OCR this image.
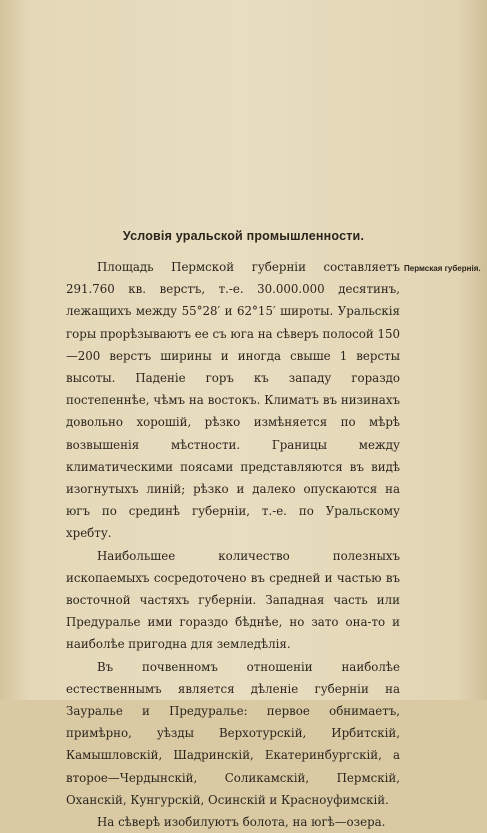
Условія уральской промышленности.
Пермская губернія.

Площадь Пермской губерніи составляетъ 291.760 кв. верстъ, т.-е. 30.000.000 десятинъ, лежащихъ между 55°28′ и 62°15′ широты. Уральскія горы прорѣзываютъ ее съ юга на сѣверъ полосой 150—200 верстъ ширины и иногда свыше 1 версты высоты. Паденіе горъ къ западу гораздо постепеннѣе, чѣмъ на востокъ. Климатъ въ низинахъ довольно хорошій, рѣзко измѣняется по мѣрѣ возвышенія мѣстности. Границы между климатическими поясами представляются въ видѣ изогнутыхъ линій; рѣзко и далеко опускаются на югъ по срединѣ губерніи, т.-е. по Уральскому хребту.

Наибольшее количество полезныхъ ископаемыхъ сосредоточено въ средней и частью въ восточной частяхъ губерніи. Западная часть или Предуралье ими гораздо бѣднѣе, но зато она-то и наиболѣе пригодна для земледѣлія.

Въ почвенномъ отношеніи наиболѣе естественнымъ является дѣленіе губерніи на Зауралье и Предуралье: первое обнимаетъ, примѣрно, уѣзды Верхотурскій, Ирбитскій, Камышловскій, Шадринскій, Екатеринбургскій, а второе—Чердынскій, Соликамскій, Пермскій, Оханскій, Кунгурскій, Осинскій и Красноуфимскій.

На сѣверѣ изобилуютъ болота, на югѣ—озера.
